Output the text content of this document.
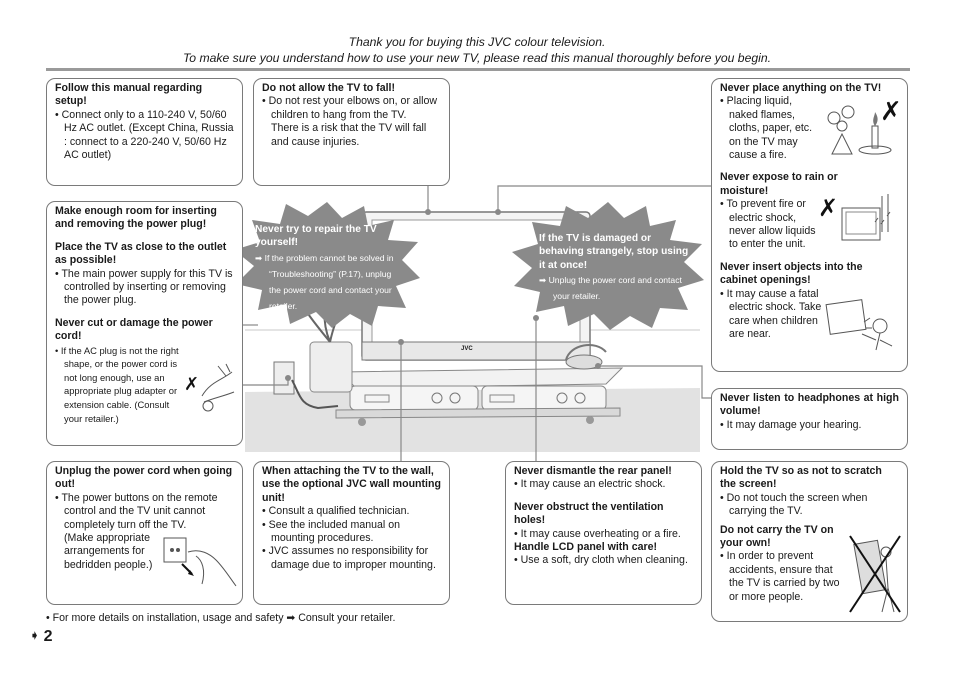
Thank you for buying this JVC colour television.
To make sure you understand how to use your new TV, please read this manual thoroughly before you begin.
JVC
Never try to repair the TV yourself!
➡ If the problem cannot be solved in “Troubleshooting” (P.17), unplug the power cord and contact your retailer.
If the TV is damaged or behaving strangely, stop using it at once!
➡ Unplug the power cord and contact your retailer.
Follow this manual regarding setup!
• Connect only to a 110-240 V, 50/60 Hz AC outlet. (Except China, Russia : connect to a 220-240 V, 50/60 Hz AC outlet)
Do not allow the TV to fall!
• Do not rest your elbows on, or allow children to hang from the TV.
There is a risk that the TV will fall and cause injuries.
Never place anything on the TV!
• Placing liquid, naked flames, cloths, paper, etc. on the TV may cause a fire.
Never expose to rain or moisture!
• To prevent fire or electric shock, never allow liquids to enter the unit.
Never insert objects into the cabinet openings!
• It may cause a fatal electric shock. Take care when children are near.
✗
✗
Make enough room for inserting and removing the power plug!
Place the TV as close to the outlet as possible!
• The main power supply for this TV is controlled by inserting or removing the power plug.
Never cut or damage the power cord!
• If the AC plug is not the right shape, or the power cord is not long enough, use an appropriate plug adapter or extension cable. (Consult your retailer.)
✗
Never listen to headphones at high volume!
• It may damage your hearing.
Unplug the power cord when going out!
• The power buttons on the remote control and the TV unit cannot completely turn off the TV.
(Make appropriate arrangements for bedridden people.)
When attaching the TV to the wall, use the optional JVC wall mounting unit!
• Consult a qualified technician.
• See the included manual on mounting procedures.
• JVC assumes no responsibility for damage due to improper mounting.
Never dismantle the rear panel!
• It may cause an electric shock.
Never obstruct the ventilation holes!
• It may cause overheating or a fire.
Handle LCD panel with care!
• Use a soft, dry cloth when cleaning.
Hold the TV so as not to scratch the screen!
• Do not touch the screen when carrying the TV.
Do not carry the TV on your own!
• In order to prevent accidents, ensure that the TV is carried by two or more people.
• For more details on installation, usage and safety ➡ Consult your retailer.
➧ 2
